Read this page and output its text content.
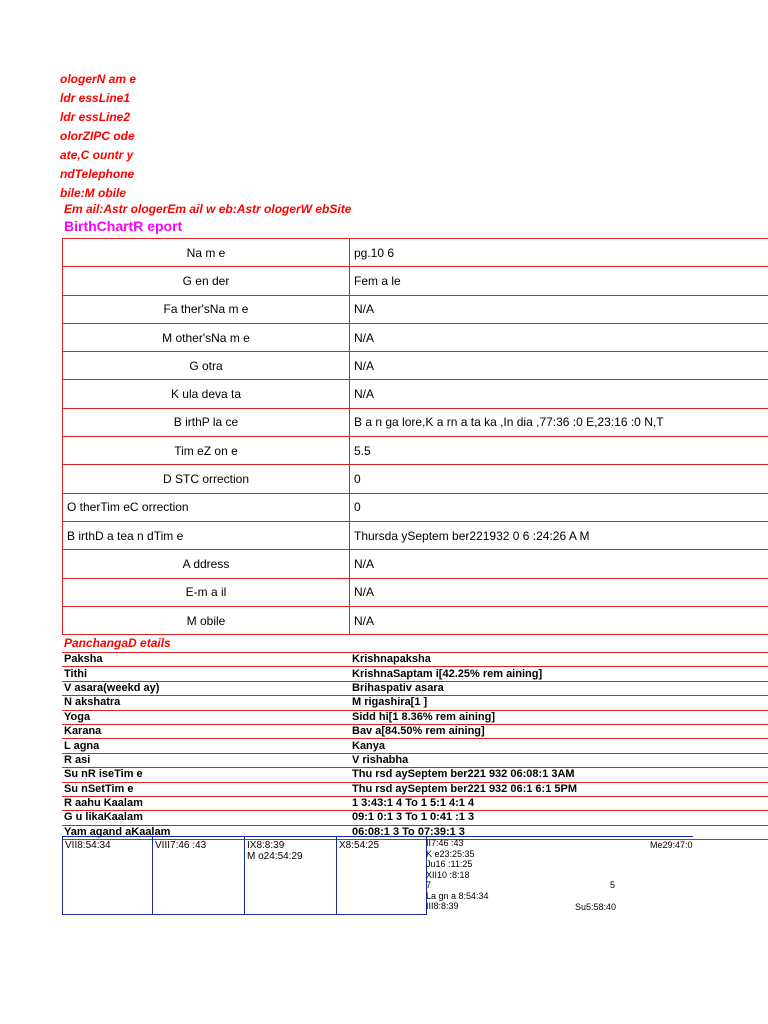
ologerN am e
ldr essLine1
ldr essLine2
olorZIPC ode
ate,C ountr y
ndTelephone
bile:M obile
Em ail:Astr ologerEm ail w eb:Astr ologerW ebSite
BirthChartR eport
Na m e	pg.10 6
G en der	Fem a le
Fa ther'sNa m e	N/A
M other'sNa m e	N/A
G otra	N/A
K ula deva ta	N/A
B irthP la ce	B a n ga lore,K a rn a ta ka ,In dia ,77:36 :0 E,23:16 :0 N,T
Tim eZ on e	5.5
D STC orrection	0
O therTim eC orrection	0
B irthD a tea n dTim e	Thursda ySeptem ber221932 0 6 :24:26 A M
A ddress	N/A
E-m a il	N/A
M obile	N/A
PanchangaD etails
Paksha	Krishnapaksha
Tithi	KrishnaSaptam i[42.25% rem aining]
V asara(weekd ay)	Brihaspativ asara
N akshatra	M rigashira[1 ]
Yoga	Sidd hi[1 8.36% rem aining]
Karana	Bav a[84.50% rem aining]
L agna	Kanya
R asi	V rishabha
Su nR iseTim e	Thu rsd aySeptem ber221 932 06:08:1 3AM
Su nSetTim e	Thu rsd aySeptem ber221 932 06:1 6:1 5PM
R aahu Kaalam	1 3:43:1 4 To 1 5:1 4:1 4
G u likaKaalam	09:1 0:1 3 To 1 0:41 :1 3
Yam agand aKaalam	06:08:1 3 To 07:39:1 3
VII8:54:34	VIII7:46 :43	IX8:8:39
M o24:54:29
X8:54:25	II7:46 :43
K e23:25:35
Ju16 :11:25
XII10 :8:18
7
La gn a 8:54:34
III8:8:39
Me29:47:0
5
Su5:58:40
